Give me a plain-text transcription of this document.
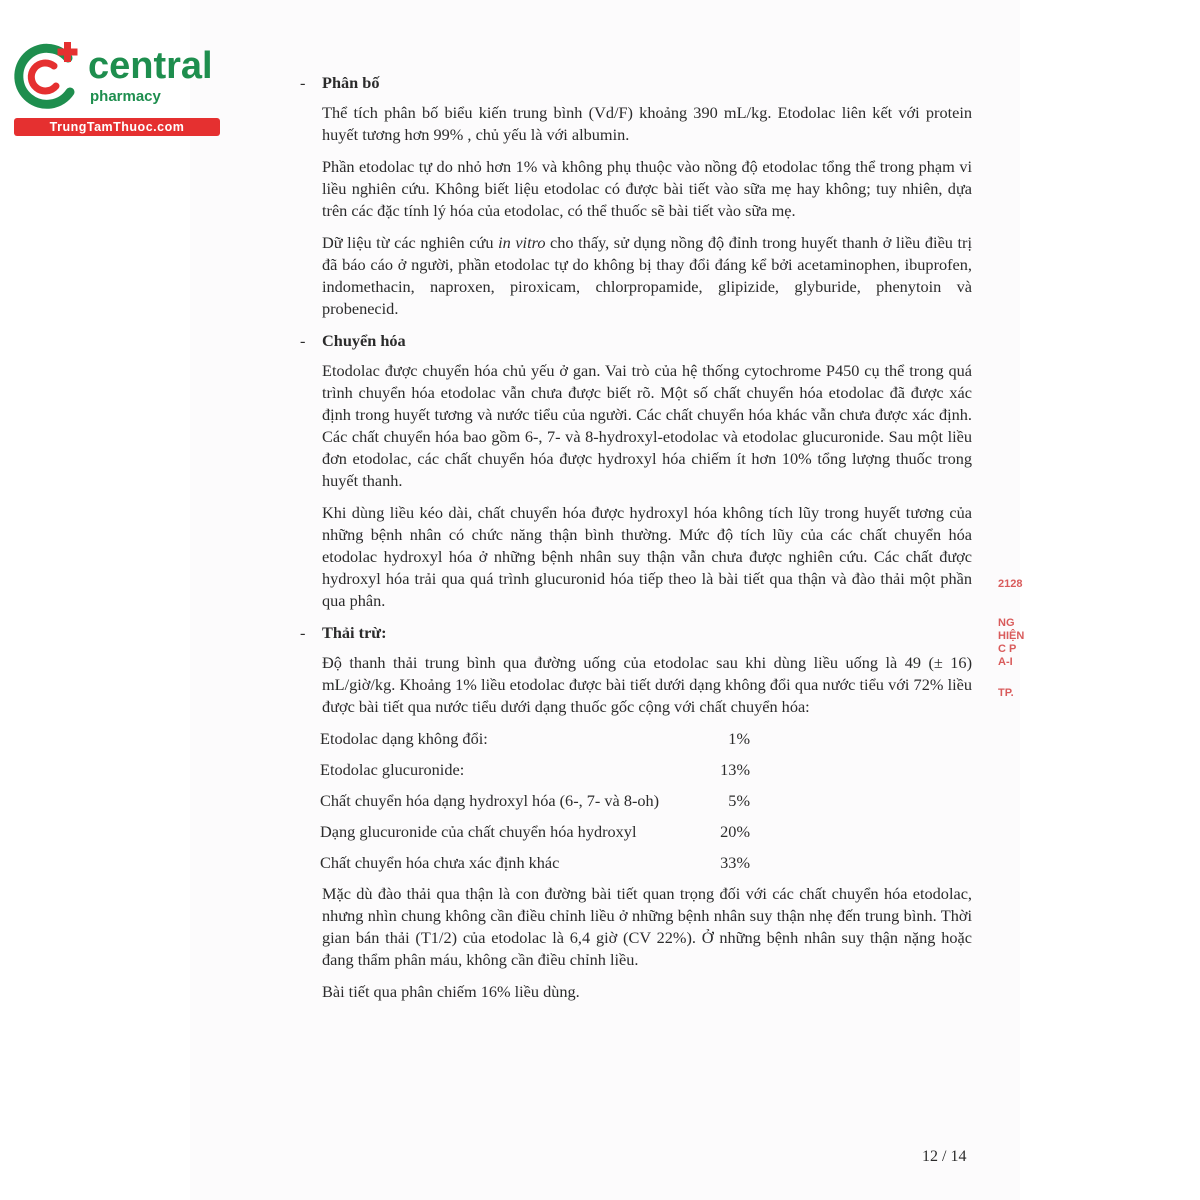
central
pharmacy
TrungTamThuoc.com
- Phân bố

Thể tích phân bố biểu kiến trung bình (Vd/F) khoảng 390 mL/kg. Etodolac liên kết với protein huyết tương hơn 99% , chủ yếu là với albumin.

Phần etodolac tự do nhỏ hơn 1% và không phụ thuộc vào nồng độ etodolac tổng thể trong phạm vi liều nghiên cứu. Không biết liệu etodolac có được bài tiết vào sữa mẹ hay không; tuy nhiên, dựa trên các đặc tính lý hóa của etodolac, có thể thuốc sẽ bài tiết vào sữa mẹ.

Dữ liệu từ các nghiên cứu in vitro cho thấy, sử dụng nồng độ đỉnh trong huyết thanh ở liều điều trị đã báo cáo ở người, phần etodolac tự do không bị thay đổi đáng kể bởi acetaminophen, ibuprofen, indomethacin, naproxen, piroxicam, chlorpropamide, glipizide, glyburide, phenytoin và probenecid.

- Chuyển hóa

Etodolac được chuyển hóa chủ yếu ở gan. Vai trò của hệ thống cytochrome P450 cụ thể trong quá trình chuyển hóa etodolac vẫn chưa được biết rõ. Một số chất chuyển hóa etodolac đã được xác định trong huyết tương và nước tiểu của người. Các chất chuyển hóa khác vẫn chưa được xác định. Các chất chuyển hóa bao gồm 6-, 7- và 8-hydroxyl-etodolac và etodolac glucuronide. Sau một liều đơn etodolac, các chất chuyển hóa được hydroxyl hóa chiếm ít hơn 10% tổng lượng thuốc trong huyết thanh.

Khi dùng liều kéo dài, chất chuyển hóa được hydroxyl hóa không tích lũy trong huyết tương của những bệnh nhân có chức năng thận bình thường. Mức độ tích lũy của các chất chuyển hóa etodolac hydroxyl hóa ở những bệnh nhân suy thận vẫn chưa được nghiên cứu. Các chất được hydroxyl hóa trải qua quá trình glucuronid hóa tiếp theo là bài tiết qua thận và đào thải một phần qua phân.

- Thải trừ:

Độ thanh thải trung bình qua đường uống của etodolac sau khi dùng liều uống là 49 (± 16) mL/giờ/kg. Khoảng 1% liều etodolac được bài tiết dưới dạng không đổi qua nước tiểu với 72% liều được bài tiết qua nước tiểu dưới dạng thuốc gốc cộng với chất chuyển hóa:

Etodolac dạng không đổi:	1%
Etodolac glucuronide:	13%
Chất chuyển hóa dạng hydroxyl hóa (6-, 7- và 8-oh)	5%
Dạng glucuronide của chất chuyển hóa hydroxyl	20%
Chất chuyển hóa chưa xác định khác	33%

Mặc dù đào thải qua thận là con đường bài tiết quan trọng đối với các chất chuyển hóa etodolac, nhưng nhìn chung không cần điều chỉnh liều ở những bệnh nhân suy thận nhẹ đến trung bình. Thời gian bán thải (T1/2) của etodolac là 6,4 giờ (CV 22%). Ở những bệnh nhân suy thận nặng hoặc đang thẩm phân máu, không cần điều chỉnh liều.

Bài tiết qua phân chiếm 16% liều dùng.

2128
NG
HIỆN
C P
A-I
TP.
12 / 14
